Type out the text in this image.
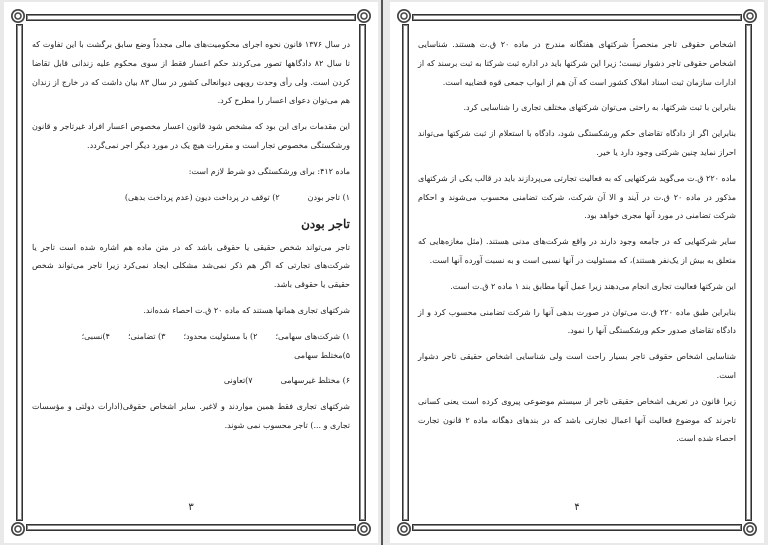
در سال ۱۳۷۶ قانون نحوه اجرای محکومیت‌های مالی مجدداً وضع سابق برگشت با این تفاوت که تا سال ۸۲ دادگاهها تصور می‌کردند حکم اعسار فقط از سوی محکوم علیه زندانی قابل تقاضا کردن است. ولی رأی وحدت رویهی دیوانعالی کشور در سال ۸۳ بیان داشت که در خارج از زندان هم می‌توان دعوای اعسار را مطرح کرد.

این مقدمات برای این بود که مشخص شود قانون اعسار مخصوص اعسار افراد غیرتاجر و قانون ورشکستگی مخصوص تجار است و مقررات هیچ یک در مورد دیگر اجر نمی‌گردد.

ماده ۴۱۲: برای ورشکستگی دو شرط لازم است:

۱) تاجر بودن
۲) توقف در پرداخت دیون (عدم پرداخت بدهی)

تاجر بودن

تاجر می‌تواند شخص حقیقی یا حقوقی باشد که در متن ماده هم اشاره شده است تاجر یا شرکت‌های تجارتی که اگر هم ذکر نمی‌شد مشکلی ایجاد نمی‌کرد زیرا تاجر می‌تواند شخص حقیقی یا حقوقی باشد.

شرکتهای تجاری همانها هستند که ماده ۲۰ ق.ت احصاء شده‌اند.

۱) شرکت‌های سهامی؛
۲) با مسئولیت محدود؛
۳) تضامنی؛
۴)نسبی؛
۵)مختلط سهامی

۶) مختلط غیرسهامی
۷)تعاونی

شرکتهای تجاری فقط همین مواردند و لاغیر. سایر اشخاص حقوقی(ادارات دولتی و مؤسسات تجاری و ...) تاجر محسوب نمی شوند.

۳

اشخاص حقوقی تاجر منحصراً شرکتهای هفتگانه مندرج در ماده ۲۰ ق.ت هستند. شناسایی اشخاص حقوقی تاجر دشوار نیست؛ زیرا این شرکتها باید در اداره ثبت شرکتا به ثبت برسند که از ادارات سازمان ثبت اسناد املاک کشور است که آن هم از ابواب جمعی قوه قضاییه است.

بنابراین با ثبت شرکتها، به راحتی می‌توان شرکتهای مختلف تجاری را شناسایی کرد.

بنابراین اگر از دادگاه تقاضای حکم ورشکستگی شود، دادگاه با استعلام از ثبت شرکتها می‌تواند احراز نماید چنین شرکتی وجود دارد یا خیر.

ماده ۲۲۰ ق.ت می‌گوید شرکتهایی که به فعالیت تجارتی می‌پردازند باید در قالب یکی از شرکتهای مذکور در ماده ۲۰ ق.ت در آیند و الا آن شرکت، شرکت تضامنی محسوب می‌شوند و احکام شرکت تضامنی در مورد آنها مجری خواهد بود.

سایر شرکتهایی که در جامعه وجود دارند در واقع شرکت‌های مدنی هستند. (مثل مغازه‌هایی که متعلق به بیش از یک‌نفر هستند)، که مسئولیت در آنها نسبی است و به نسبت آورده آنها است.

این شرکتها فعالیت تجاری انجام می‌دهند زیرا عمل آنها مطابق بند ۱ ماده ۲ ق.ت است.

بنابراین طبق ماده ۲۲۰ ق.ت می‌توان در صورت بدهی آنها را شرکت تضامنی محسوب کرد و از دادگاه تقاضای صدور حکم ورشکستگی آنها را نمود.

شناسایی اشخاص حقوقی تاجر بسیار راحت است ولی شناسایی اشخاص حقیقی تاجر دشوار است.

زیرا قانون در تعریف اشخاص حقیقی تاجر از سیستم موضوعی پیروی کرده است یعنی کسانی تاجرند که موضوع فعالیت آنها اعمال تجارتی باشد که در بندهای دهگانه ماده ۲ قانون تجارت احصاء شده است.

۴
